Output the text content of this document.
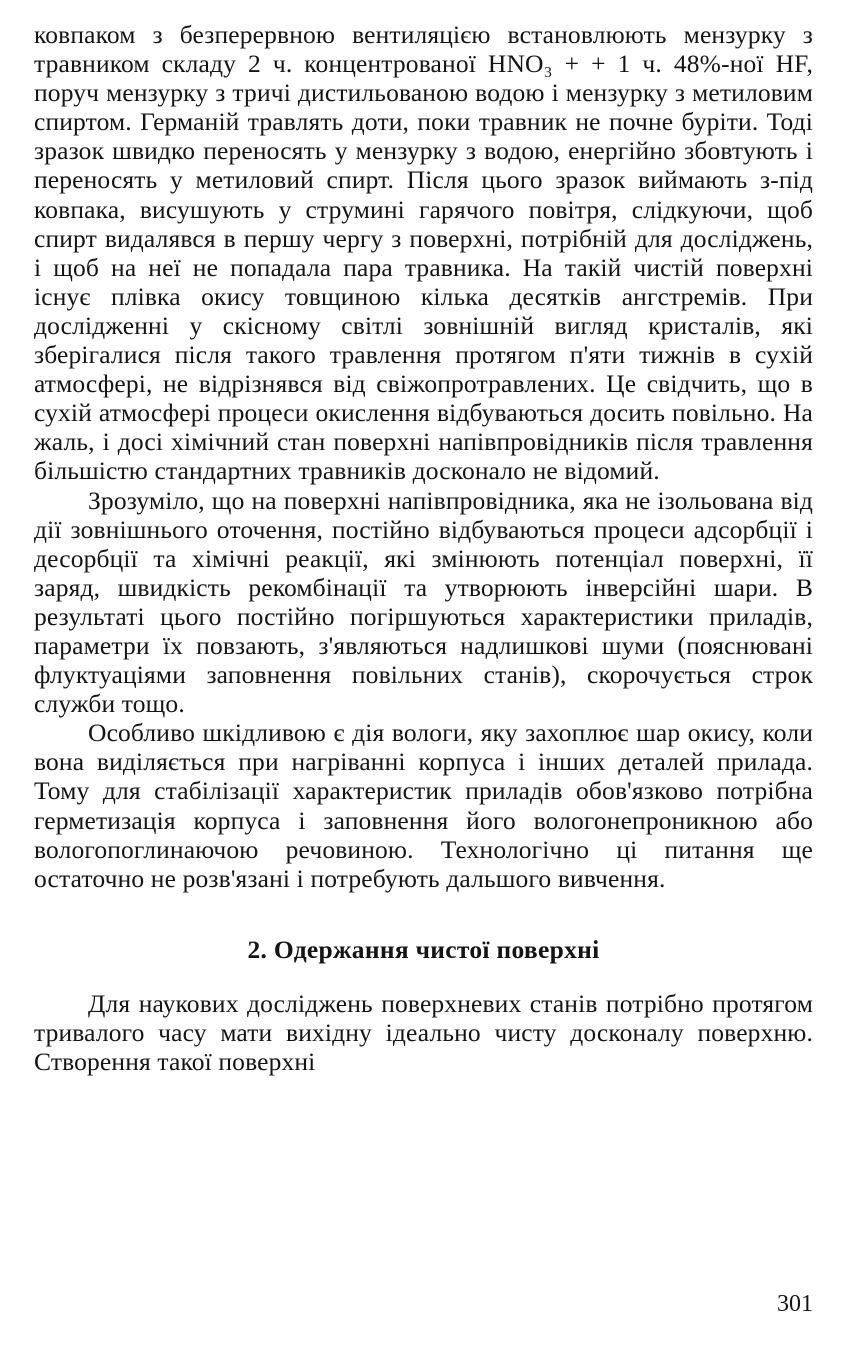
ковпаком з безперервною вентиляцією встановлюють мензурку з травником складу 2 ч. концентрованої HNO₃ + + 1 ч. 48%-ної HF, поруч мензурку з тричі дистильованою водою і мензурку з метиловим спиртом. Германій травлять доти, поки травник не почне буріти. Тоді зразок швидко переносять у мензурку з водою, енергійно збовтують і переносять у метиловий спирт. Після цього зразок виймають з-під ковпака, висушують у струмині гарячого повітря, слідкуючи, щоб спирт видалявся в першу чергу з поверхні, потрібній для досліджень, і щоб на неї не попадала пара травника. На такій чистій поверхні існує плівка окису товщиною кілька десятків ангстремів. При дослідженні у скісному світлі зовнішній вигляд кристалів, які зберігалися після такого травлення протягом п'яти тижнів в сухій атмосфері, не відрізнявся від свіжопротравлених. Це свідчить, що в сухій атмосфері процеси окислення відбуваються досить повільно. На жаль, і досі хімічний стан поверхні напівпровідників після травлення більшістю стандартних травників досконало не відомий.

Зрозуміло, що на поверхні напівпровідника, яка не ізольована від дії зовнішнього оточення, постійно відбуваються процеси адсорбції і десорбції та хімічні реакції, які змінюють потенціал поверхні, її заряд, швидкість рекомбінації та утворюють інверсійні шари. В результаті цього постійно погіршуються характеристики приладів, параметри їх повзають, з'являються надлишкові шуми (пояснювані флуктуаціями заповнення повільних станів), скорочується строк служби тощо.

Особливо шкідливою є дія вологи, яку захоплює шар окису, коли вона виділяється при нагріванні корпуса і інших деталей прилада. Тому для стабілізації характеристик приладів обов'язково потрібна герметизація корпуса і заповнення його вологонепроникною або вологопоглинаючою речовиною. Технологічно ці питання ще остаточно не розв'язані і потребують дальшого вивчення.

2. Одержання чистої поверхні

Для наукових досліджень поверхневих станів потрібно протягом тривалого часу мати вихідну ідеально чисту досконалу поверхню. Створення такої поверхні

301
